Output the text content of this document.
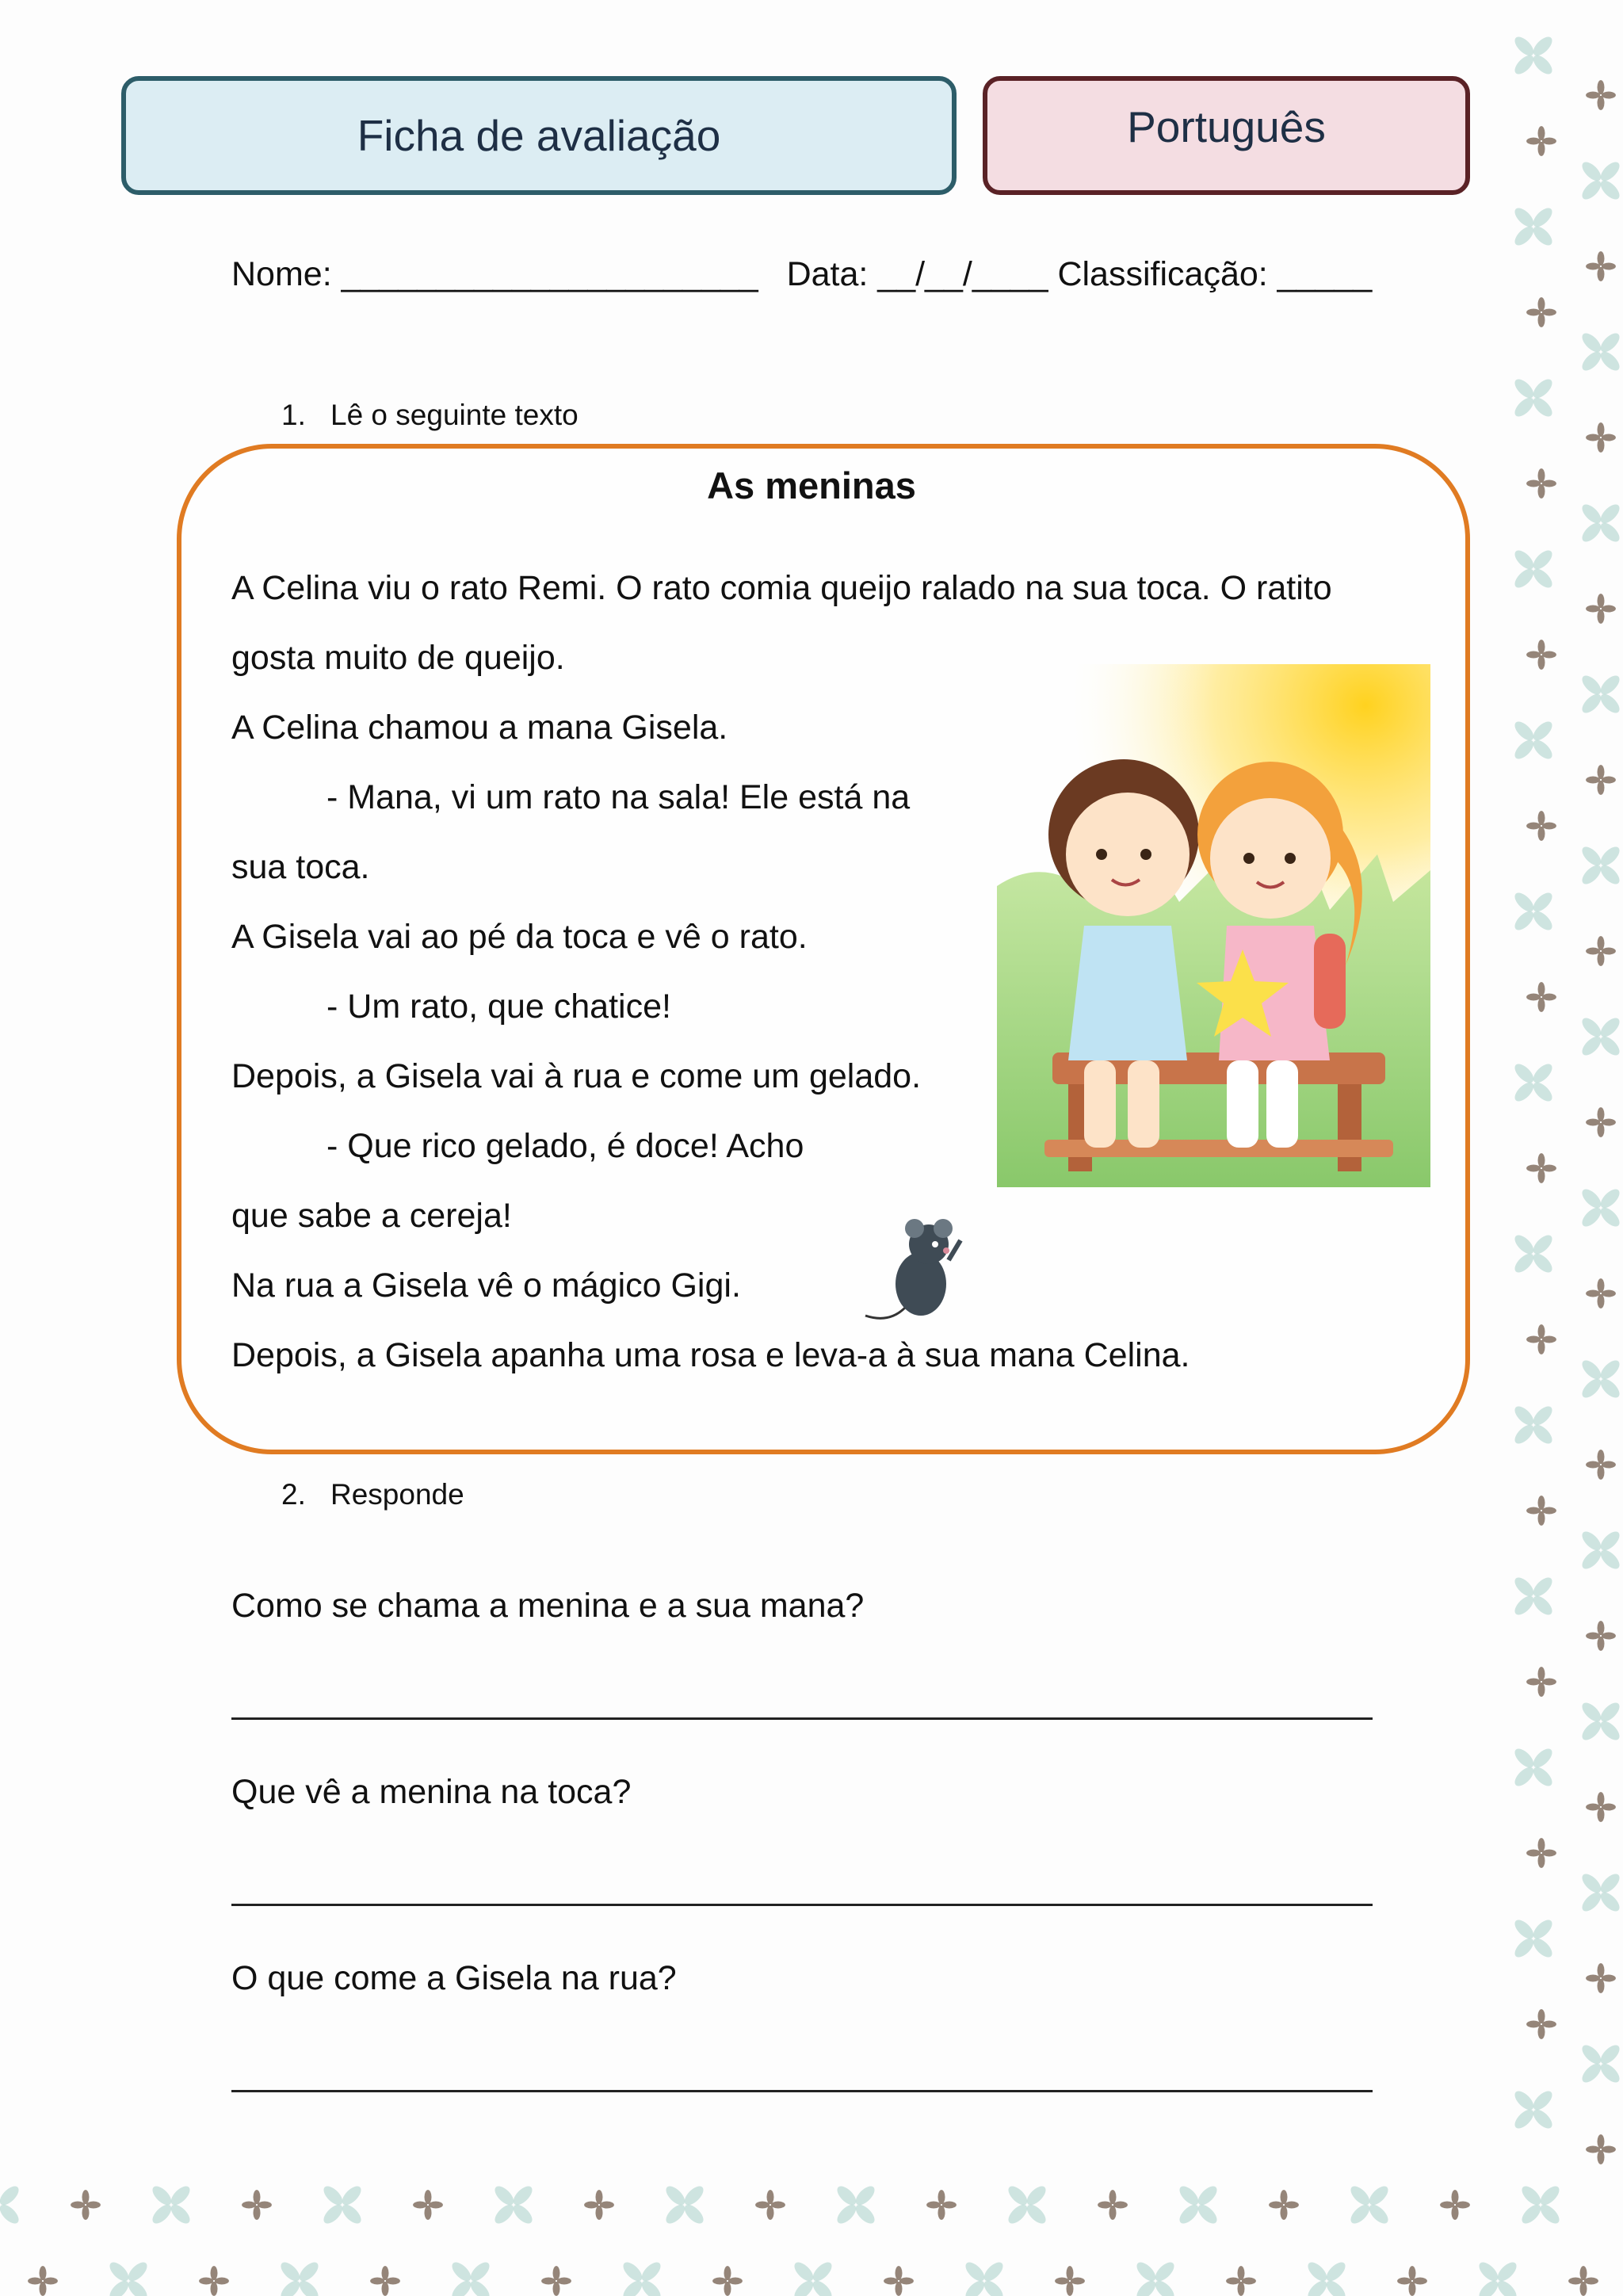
Ficha de avaliação	Português
Nome: ______________________ Data: __/__/____ Classificação: _____
1. Lê o seguinte texto
As meninas
A Celina viu o rato Remi. O rato comia queijo ralado na sua toca. O ratito
gosta muito de queijo.
A Celina chamou a mana Gisela.
- Mana, vi um rato na sala! Ele está na
sua toca.
A Gisela vai ao pé da toca e vê o rato.
- Um rato, que chatice!
Depois, a Gisela vai à rua e come um gelado.
- Que rico gelado, é doce! Acho
que sabe a cereja!
Na rua a Gisela vê o mágico Gigi.
Depois, a Gisela apanha uma rosa e leva-a à sua mana Celina.
2. Responde
Como se chama a menina e a sua mana?
Que vê a menina na toca?
O que come a Gisela na rua?
